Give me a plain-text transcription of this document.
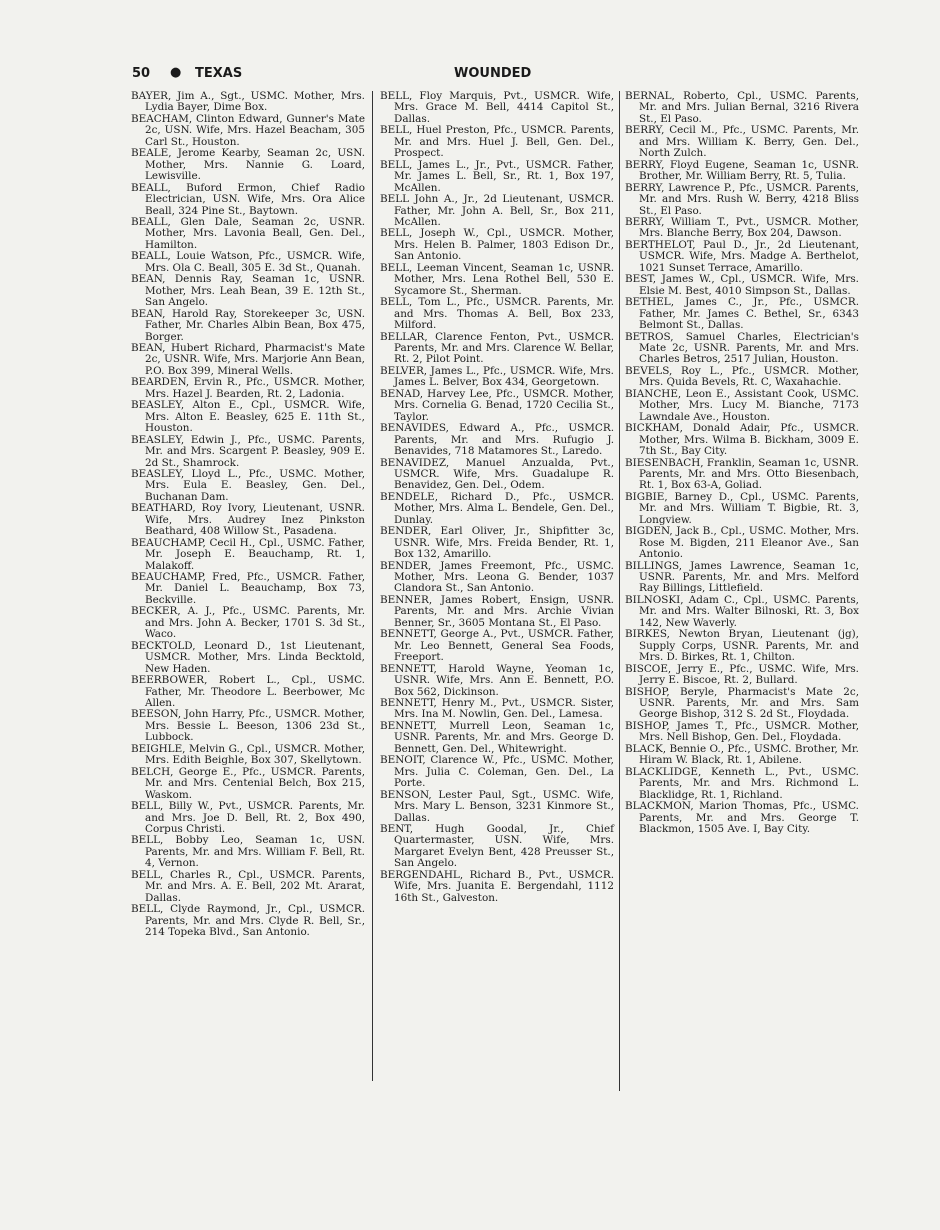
50 ● TEXAS	WOUNDED

BAYER, Jim A., Sgt., USMC. Mother, Mrs. Lydia Bayer, Dime Box.

BEACHAM, Clinton Edward, Gunner's Mate 2c, USN. Wife, Mrs. Hazel Beacham, 305 Carl St., Houston.

BEALE, Jerome Kearby, Seaman 2c, USN. Mother, Mrs. Nannie G. Loard, Lewisville.

BEALL, Buford Ermon, Chief Radio Electrician, USN. Wife, Mrs. Ora Alice Beall, 324 Pine St., Baytown.

BEALL, Glen Dale, Seaman 2c, USNR. Mother, Mrs. Lavonia Beall, Gen. Del., Hamilton.

BEALL, Louie Watson, Pfc., USMCR. Wife, Mrs. Ola C. Beall, 305 E. 3d St., Quanah.

BEAN, Dennis Ray, Seaman 1c, USNR. Mother, Mrs. Leah Bean, 39 E. 12th St., San Angelo.

BEAN, Harold Ray, Storekeeper 3c, USN. Father, Mr. Charles Albin Bean, Box 475, Borger.

BEAN, Hubert Richard, Pharmacist's Mate 2c, USNR. Wife, Mrs. Marjorie Ann Bean, P.O. Box 399, Mineral Wells.

BEARDEN, Ervin R., Pfc., USMCR. Mother, Mrs. Hazel J. Bearden, Rt. 2, Ladonia.

BEASLEY, Alton E., Cpl., USMCR. Wife, Mrs. Alton E. Beasley, 625 E. 11th St., Houston.

BEASLEY, Edwin J., Pfc., USMC. Parents, Mr. and Mrs. Scargent P. Beasley, 909 E. 2d St., Shamrock.

BEASLEY, Lloyd L., Pfc., USMC. Mother, Mrs. Eula E. Beasley, Gen. Del., Buchanan Dam.

BEATHARD, Roy Ivory, Lieutenant, USNR. Wife, Mrs. Audrey Inez Pinkston Beathard, 408 Willow St., Pasadena.

BEAUCHAMP, Cecil H., Cpl., USMC. Father, Mr. Joseph E. Beauchamp, Rt. 1, Malakoff.

BEAUCHAMP, Fred, Pfc., USMCR. Father, Mr. Daniel L. Beauchamp, Box 73, Beckville.

BECKER, A. J., Pfc., USMC. Parents, Mr. and Mrs. John A. Becker, 1701 S. 3d St., Waco.

BECKTOLD, Leonard D., 1st Lieutenant, USMCR. Mother, Mrs. Linda Becktold, New Haden.

BEERBOWER, Robert L., Cpl., USMC. Father, Mr. Theodore L. Beerbower, Mc Allen.

BEESON, John Harry, Pfc., USMCR. Mother, Mrs. Bessie L. Beeson, 1306 23d St., Lubbock.

BEIGHLE, Melvin G., Cpl., USMCR. Mother, Mrs. Edith Beighle, Box 307, Skellytown.

BELCH, George E., Pfc., USMCR. Parents, Mr. and Mrs. Centenial Belch, Box 215, Waskom.

BELL, Billy W., Pvt., USMCR. Parents, Mr. and Mrs. Joe D. Bell, Rt. 2, Box 490, Corpus Christi.

BELL, Bobby Leo, Seaman 1c, USN. Parents, Mr. and Mrs. William F. Bell, Rt. 4, Vernon.

BELL, Charles R., Cpl., USMCR. Parents, Mr. and Mrs. A. E. Bell, 202 Mt. Ararat, Dallas.

BELL, Clyde Raymond, Jr., Cpl., USMCR. Parents, Mr. and Mrs. Clyde R. Bell, Sr., 214 Topeka Blvd., San Antonio.

BELL, Floy Marquis, Pvt., USMCR. Wife, Mrs. Grace M. Bell, 4414 Capitol St., Dallas.

BELL, Huel Preston, Pfc., USMCR. Parents, Mr. and Mrs. Huel J. Bell, Gen. Del., Prospect.

BELL, James L., Jr., Pvt., USMCR. Father, Mr. James L. Bell, Sr., Rt. 1, Box 197, McAllen.

BELL John A., Jr., 2d Lieutenant, USMCR. Father, Mr. John A. Bell, Sr., Box 211, McAllen.

BELL, Joseph W., Cpl., USMCR. Mother, Mrs. Helen B. Palmer, 1803 Edison Dr., San Antonio.

BELL, Leeman Vincent, Seaman 1c, USNR. Mother, Mrs. Lena Rothel Bell, 530 E. Sycamore St., Sherman.

BELL, Tom L., Pfc., USMCR. Parents, Mr. and Mrs. Thomas A. Bell, Box 233, Milford.

BELLAR, Clarence Fenton, Pvt., USMCR. Parents, Mr. and Mrs. Clarence W. Bellar, Rt. 2, Pilot Point.

BELVER, James L., Pfc., USMCR. Wife, Mrs. James L. Belver, Box 434, Georgetown.

BENAD, Harvey Lee, Pfc., USMCR. Mother, Mrs. Cornelia G. Benad, 1720 Cecilia St., Taylor.

BENAVIDES, Edward A., Pfc., USMCR. Parents, Mr. and Mrs. Rufugio J. Benavides, 718 Matamores St., Laredo.

BENAVIDEZ, Manuel Anzualda, Pvt., USMCR. Wife, Mrs. Guadalupe R. Benavidez, Gen. Del., Odem.

BENDELE, Richard D., Pfc., USMCR. Mother, Mrs. Alma L. Bendele, Gen. Del., Dunlay.

BENDER, Earl Oliver, Jr., Shipfitter 3c, USNR. Wife, Mrs. Freida Bender, Rt. 1, Box 132, Amarillo.

BENDER, James Freemont, Pfc., USMC. Mother, Mrs. Leona G. Bender, 1037 Clandora St., San Antonio.

BENNER, James Robert, Ensign, USNR. Parents, Mr. and Mrs. Archie Vivian Benner, Sr., 3605 Montana St., El Paso.

BENNETT, George A., Pvt., USMCR. Father, Mr. Leo Bennett, General Sea Foods, Freeport.

BENNETT, Harold Wayne, Yeoman 1c, USNR. Wife, Mrs. Ann E. Bennett, P.O. Box 562, Dickinson.

BENNETT, Henry M., Pvt., USMCR. Sister, Mrs. Ina M. Nowlin, Gen. Del., Lamesa.

BENNETT, Murrell Leon, Seaman 1c, USNR. Parents, Mr. and Mrs. George D. Bennett, Gen. Del., Whitewright.

BENOIT, Clarence W., Pfc., USMC. Mother, Mrs. Julia C. Coleman, Gen. Del., La Porte.

BENSON, Lester Paul, Sgt., USMC. Wife, Mrs. Mary L. Benson, 3231 Kinmore St., Dallas.

BENT, Hugh Goodal, Jr., Chief Quartermaster, USN. Wife, Mrs. Margaret Evelyn Bent, 428 Preusser St., San Angelo.

BERGENDAHL, Richard B., Pvt., USMCR. Wife, Mrs. Juanita E. Bergendahl, 1112 16th St., Galveston.

BERNAL, Roberto, Cpl., USMC. Parents, Mr. and Mrs. Julian Bernal, 3216 Rivera St., El Paso.

BERRY, Cecil M., Pfc., USMC. Parents, Mr. and Mrs. William K. Berry, Gen. Del., North Zulch.

BERRY, Floyd Eugene, Seaman 1c, USNR. Brother, Mr. William Berry, Rt. 5, Tulia.

BERRY, Lawrence P., Pfc., USMCR. Parents, Mr. and Mrs. Rush W. Berry, 4218 Bliss St., El Paso.

BERRY, William T., Pvt., USMCR. Mother, Mrs. Blanche Berry, Box 204, Dawson.

BERTHELOT, Paul D., Jr., 2d Lieutenant, USMCR. Wife, Mrs. Madge A. Berthelot, 1021 Sunset Terrace, Amarillo.

BEST, James W., Cpl., USMCR. Wife, Mrs. Elsie M. Best, 4010 Simpson St., Dallas.

BETHEL, James C., Jr., Pfc., USMCR. Father, Mr. James C. Bethel, Sr., 6343 Belmont St., Dallas.

BETROS, Samuel Charles, Electrician's Mate 2c, USNR. Parents, Mr. and Mrs. Charles Betros, 2517 Julian, Houston.

BEVELS, Roy L., Pfc., USMCR. Mother, Mrs. Quida Bevels, Rt. C, Waxahachie.

BIANCHE, Leon E., Assistant Cook, USMC. Mother, Mrs. Lucy M. Bianche, 7173 Lawndale Ave., Houston.

BICKHAM, Donald Adair, Pfc., USMCR. Mother, Mrs. Wilma B. Bickham, 3009 E. 7th St., Bay City.

BIESENBACH, Franklin, Seaman 1c, USNR. Parents, Mr. and Mrs. Otto Biesenbach, Rt. 1, Box 63-A, Goliad.

BIGBIE, Barney D., Cpl., USMC. Parents, Mr. and Mrs. William T. Bigbie, Rt. 3, Longview.

BIGDEN, Jack B., Cpl., USMC. Mother, Mrs. Rose M. Bigden, 211 Eleanor Ave., San Antonio.

BILLINGS, James Lawrence, Seaman 1c, USNR. Parents, Mr. and Mrs. Melford Ray Billings, Littlefield.

BILNOSKI, Adam C., Cpl., USMC. Parents, Mr. and Mrs. Walter Bilnoski, Rt. 3, Box 142, New Waverly.

BIRKES, Newton Bryan, Lieutenant (jg), Supply Corps, USNR. Parents, Mr. and Mrs. D. Birkes, Rt. 1, Chilton.

BISCOE, Jerry E., Pfc., USMC. Wife, Mrs. Jerry E. Biscoe, Rt. 2, Bullard.

BISHOP, Beryle, Pharmacist's Mate 2c, USNR. Parents, Mr. and Mrs. Sam George Bishop, 312 S. 2d St., Floydada.

BISHOP, James T., Pfc., USMCR. Mother, Mrs. Nell Bishop, Gen. Del., Floydada.

BLACK, Bennie O., Pfc., USMC. Brother, Mr. Hiram W. Black, Rt. 1, Abilene.

BLACKLIDGE, Kenneth L., Pvt., USMC. Parents, Mr. and Mrs. Richmond L. Blacklidge, Rt. 1, Richland.

BLACKMON, Marion Thomas, Pfc., USMC. Parents, Mr. and Mrs. George T. Blackmon, 1505 Ave. I, Bay City.
